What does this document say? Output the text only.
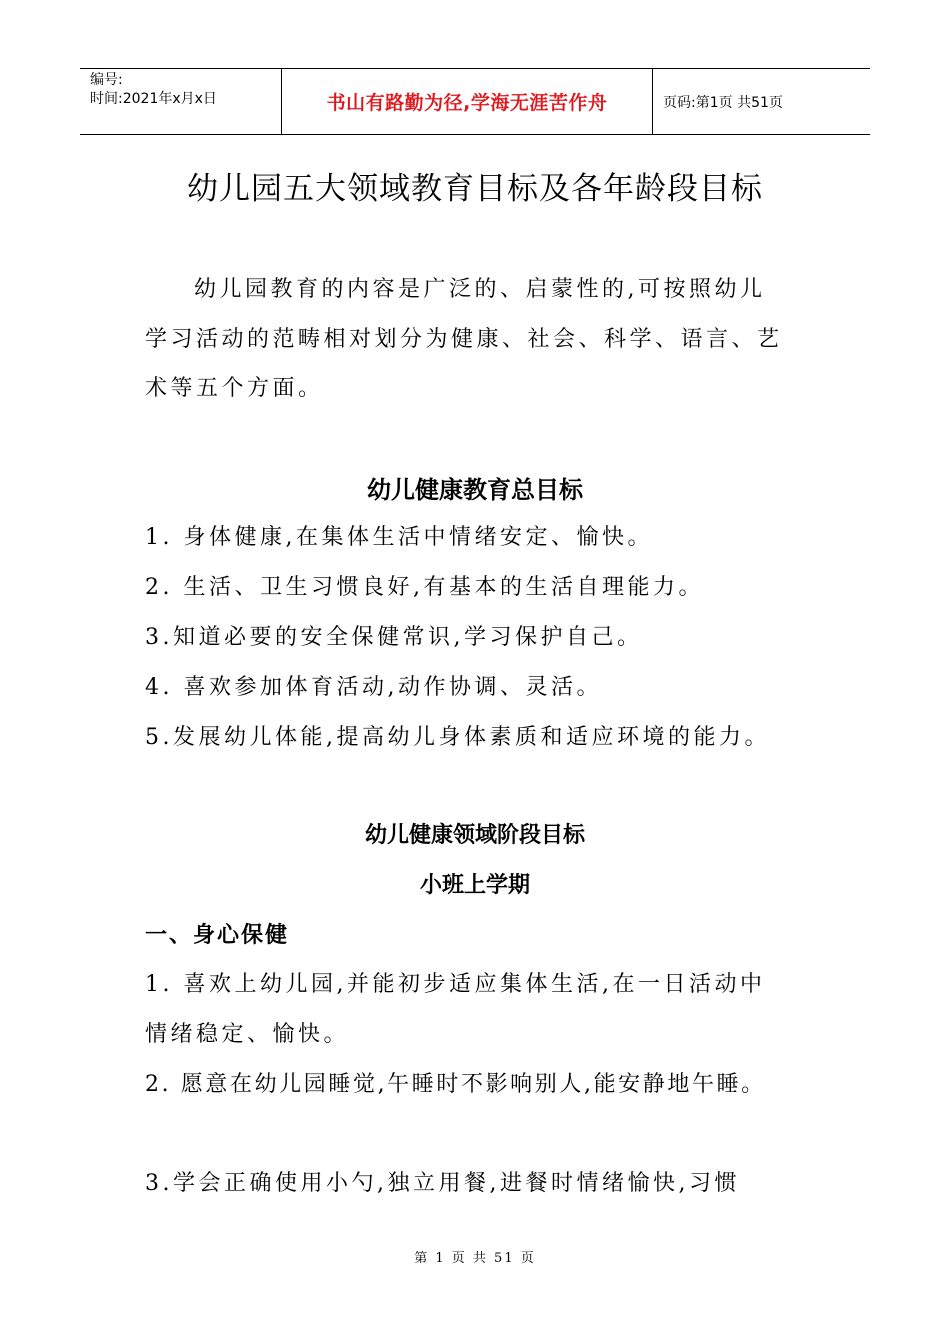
编号:
时间:2021年x月x日	书山有路勤为径,学海无涯苦作舟	页码:第1页 共51页
幼儿园五大领域教育目标及各年龄段目标
幼儿园教育的内容是广泛的、启蒙性的,可按照幼儿
学习活动的范畴相对划分为健康、社会、科学、语言、艺
术等五个方面。
幼儿健康教育总目标
1. 身体健康,在集体生活中情绪安定、愉快。
2. 生活、卫生习惯良好,有基本的生活自理能力。
3.知道必要的安全保健常识,学习保护自己。
4. 喜欢参加体育活动,动作协调、灵活。
5.发展幼儿体能,提高幼儿身体素质和适应环境的能力。
幼儿健康领域阶段目标
小班上学期
一、身心保健
1. 喜欢上幼儿园,并能初步适应集体生活,在一日活动中
情绪稳定、愉快。
2. 愿意在幼儿园睡觉,午睡时不影响别人,能安静地午睡。
3.学会正确使用小勺,独立用餐,进餐时情绪愉快,习惯
第 1 页 共 51 页
